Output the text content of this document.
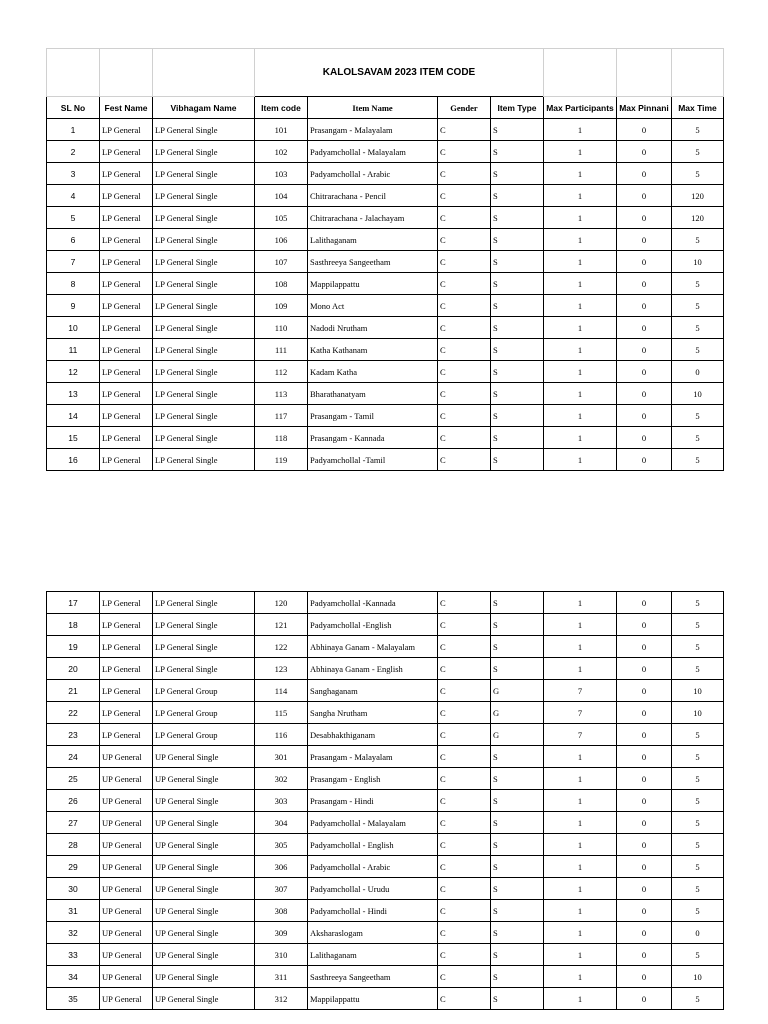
			KALOLSAVAM 2023 ITEM CODE						

SL No	Fest Name	Vibhagam Name	Item code	Item Name	Gender	Item Type	Max Participants	Max Pinnani	Max Time
1	LP General	LP General Single	101	Prasangam - Malayalam	C	S	1	0	5
2	LP General	LP General Single	102	Padyamchollal - Malayalam	C	S	1	0	5
3	LP General	LP General Single	103	Padyamchollal - Arabic	C	S	1	0	5
4	LP General	LP General Single	104	Chitrarachana - Pencil	C	S	1	0	120
5	LP General	LP General Single	105	Chitrarachana - Jalachayam	C	S	1	0	120
6	LP General	LP General Single	106	Lalithaganam	C	S	1	0	5
7	LP General	LP General Single	107	Sasthreeya Sangeetham	C	S	1	0	10
8	LP General	LP General Single	108	Mappilappattu	C	S	1	0	5
9	LP General	LP General Single	109	Mono Act	C	S	1	0	5
10	LP General	LP General Single	110	Nadodi Nrutham	C	S	1	0	5
11	LP General	LP General Single	111	Katha Kathanam	C	S	1	0	5
12	LP General	LP General Single	112	Kadam Katha	C	S	1	0	0
13	LP General	LP General Single	113	Bharathanatyam	C	S	1	0	10
14	LP General	LP General Single	117	Prasangam - Tamil	C	S	1	0	5
15	LP General	LP General Single	118	Prasangam - Kannada	C	S	1	0	5
16	LP General	LP General Single	119	Padyamchollal -Tamil	C	S	1	0	5
17	LP General	LP General Single	120	Padyamchollal -Kannada	C	S	1	0	5
18	LP General	LP General Single	121	Padyamchollal -English	C	S	1	0	5
19	LP General	LP General Single	122	Abhinaya Ganam - Malayalam	C	S	1	0	5
20	LP General	LP General Single	123	Abhinaya Ganam - English	C	S	1	0	5
21	LP General	LP General Group	114	Sanghaganam	C	G	7	0	10
22	LP General	LP General Group	115	Sangha Nrutham	C	G	7	0	10
23	LP General	LP General Group	116	Desabhakthiganam	C	G	7	0	5
24	UP General	UP General Single	301	Prasangam - Malayalam	C	S	1	0	5
25	UP General	UP General Single	302	Prasangam - English	C	S	1	0	5
26	UP General	UP General Single	303	Prasangam - Hindi	C	S	1	0	5
27	UP General	UP General Single	304	Padyamchollal - Malayalam	C	S	1	0	5
28	UP General	UP General Single	305	Padyamchollal - English	C	S	1	0	5
29	UP General	UP General Single	306	Padyamchollal - Arabic	C	S	1	0	5
30	UP General	UP General Single	307	Padyamchollal - Urudu	C	S	1	0	5
31	UP General	UP General Single	308	Padyamchollal - Hindi	C	S	1	0	5
32	UP General	UP General Single	309	Aksharaslogam	C	S	1	0	0
33	UP General	UP General Single	310	Lalithaganam	C	S	1	0	5
34	UP General	UP General Single	311	Sasthreeya Sangeetham	C	S	1	0	10
35	UP General	UP General Single	312	Mappilappattu	C	S	1	0	5
